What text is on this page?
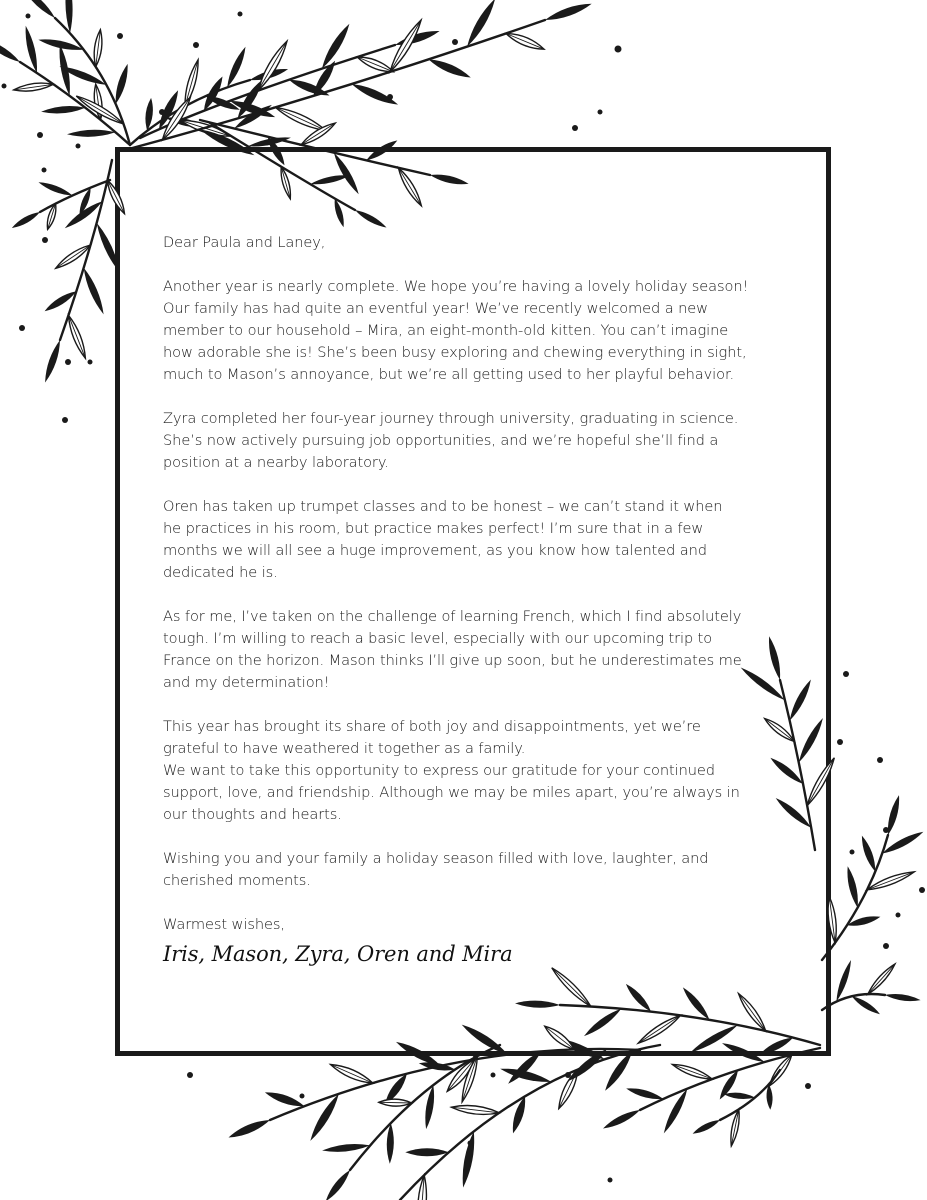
Dear Paula and Laney,

Another year is nearly complete. We hope you’re having a lovely holiday season!
Our family has had quite an eventful year! We’ve recently welcomed a new
member to our household – Mira, an eight-month-old kitten. You can’t imagine
how adorable she is! She’s been busy exploring and chewing everything in sight,
much to Mason’s annoyance, but we’re all getting used to her playful behavior.

Zyra completed her four-year journey through university, graduating in science.
She’s now actively pursuing job opportunities, and we’re hopeful she’ll find a
position at a nearby laboratory.

Oren has taken up trumpet classes and to be honest – we can’t stand it when
he practices in his room, but practice makes perfect! I’m sure that in a few
months we will all see a huge improvement, as you know how talented and
dedicated he is.

As for me, I’ve taken on the challenge of learning French, which I find absolutely
tough. I’m willing to reach a basic level, especially with our upcoming trip to
France on the horizon. Mason thinks I’ll give up soon, but he underestimates me
and my determination!

This year has brought its share of both joy and disappointments, yet we’re
grateful to have weathered it together as a family.
We want to take this opportunity to express our gratitude for your continued
support, love, and friendship. Although we may be miles apart, you’re always in
our thoughts and hearts.

Wishing you and your family a holiday season filled with love, laughter, and
cherished moments.

Warmest wishes,

Iris, Mason, Zyra, Oren and Mira
